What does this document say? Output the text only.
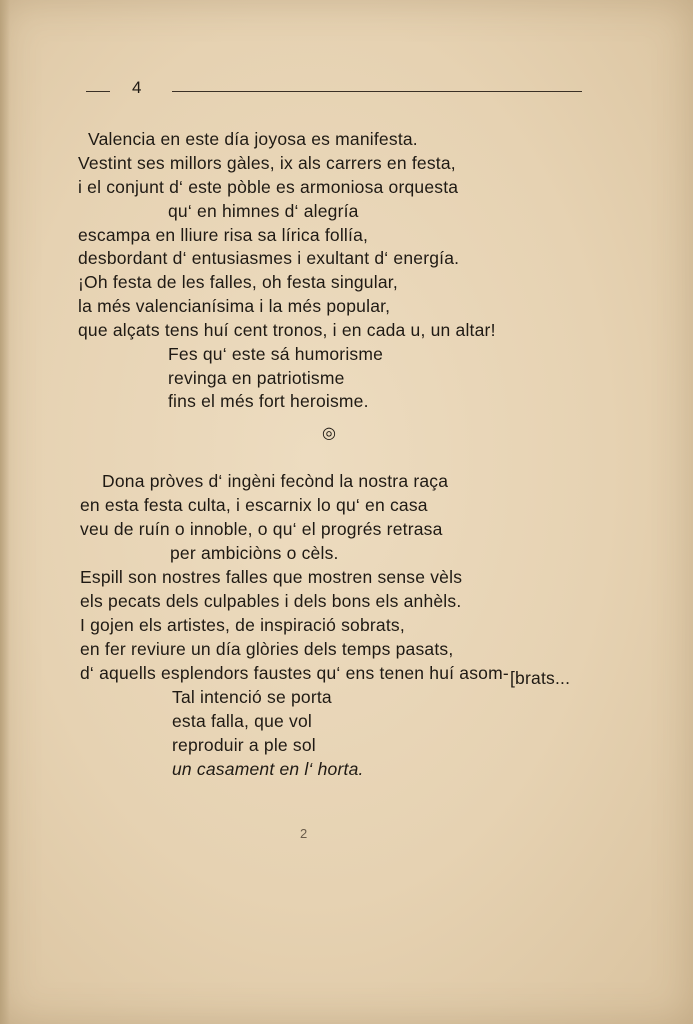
4
Valencia en este día joyosa es manifesta.
Vestint ses millors gàles, ix als carrers en festa,
i el conjunt d‘ este pòble es armoniosa orquesta
qu‘ en himnes d‘ alegría
escampa en lliure risa sa lírica follía,
desbordant d‘ entusiasmes i exultant d‘ energía.
¡Oh festa de les falles, oh festa singular,
la més valencianísima i la més popular,
que alçats tens huí cent tronos, i en cada u, un altar!
Fes qu‘ este sá humorisme
revinga en patriotisme
fins el més fort heroisme.
◎
Dona pròves d‘ ingèni fecònd la nostra raça
en esta festa culta, i escarnix lo qu‘ en casa
veu de ruín o innoble, o qu‘ el progrés retrasa
per ambiciòns o cèls.
Espill son nostres falles que mostren sense vèls
els pecats dels culpables i dels bons els anhèls.
I gojen els artistes, de inspiració sobrats,
en fer reviure un día glòries dels temps pasats,
d‘ aquells esplendors faustes qu‘ ens tenen huí asom- [brats...
Tal intenció se porta
esta falla, que vol
reproduir a ple sol
un casament en l‘ horta.
2
